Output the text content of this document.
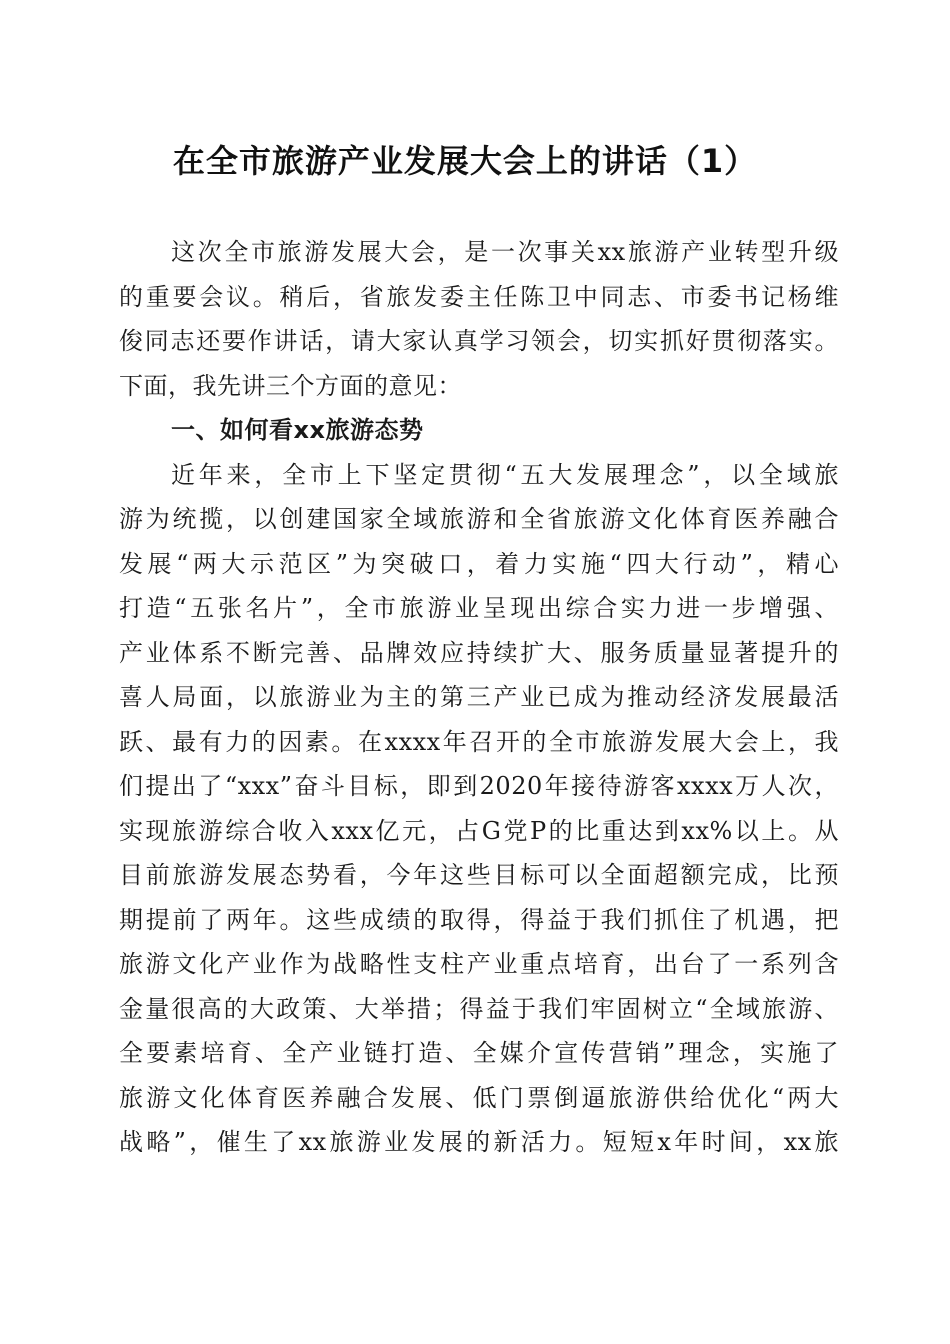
在全市旅游产业发展大会上的讲话（1）
这次全市旅游发展大会，是一次事关xx旅游产业转型升级
的重要会议。稍后，省旅发委主任陈卫中同志、市委书记杨维
俊同志还要作讲话，请大家认真学习领会，切实抓好贯彻落实。
下面，我先讲三个方面的意见：
一、如何看xx旅游态势
近年来，全市上下坚定贯彻“五大发展理念”，以全域旅
游为统揽，以创建国家全域旅游和全省旅游文化体育医养融合
发展“两大示范区”为突破口，着力实施“四大行动”，精心
打造“五张名片”，全市旅游业呈现出综合实力进一步增强、
产业体系不断完善、品牌效应持续扩大、服务质量显著提升的
喜人局面，以旅游业为主的第三产业已成为推动经济发展最活
跃、最有力的因素。在xxxx年召开的全市旅游发展大会上，我
们提出了“xxx”奋斗目标，即到2020年接待游客xxxx万人次，
实现旅游综合收入xxx亿元，占G党P的比重达到xx%以上。从
目前旅游发展态势看，今年这些目标可以全面超额完成，比预
期提前了两年。这些成绩的取得，得益于我们抓住了机遇，把
旅游文化产业作为战略性支柱产业重点培育，出台了一系列含
金量很高的大政策、大举措；得益于我们牢固树立“全域旅游、
全要素培育、全产业链打造、全媒介宣传营销”理念，实施了
旅游文化体育医养融合发展、低门票倒逼旅游供给优化“两大
战略”，催生了xx旅游业发展的新活力。短短x年时间，xx旅
